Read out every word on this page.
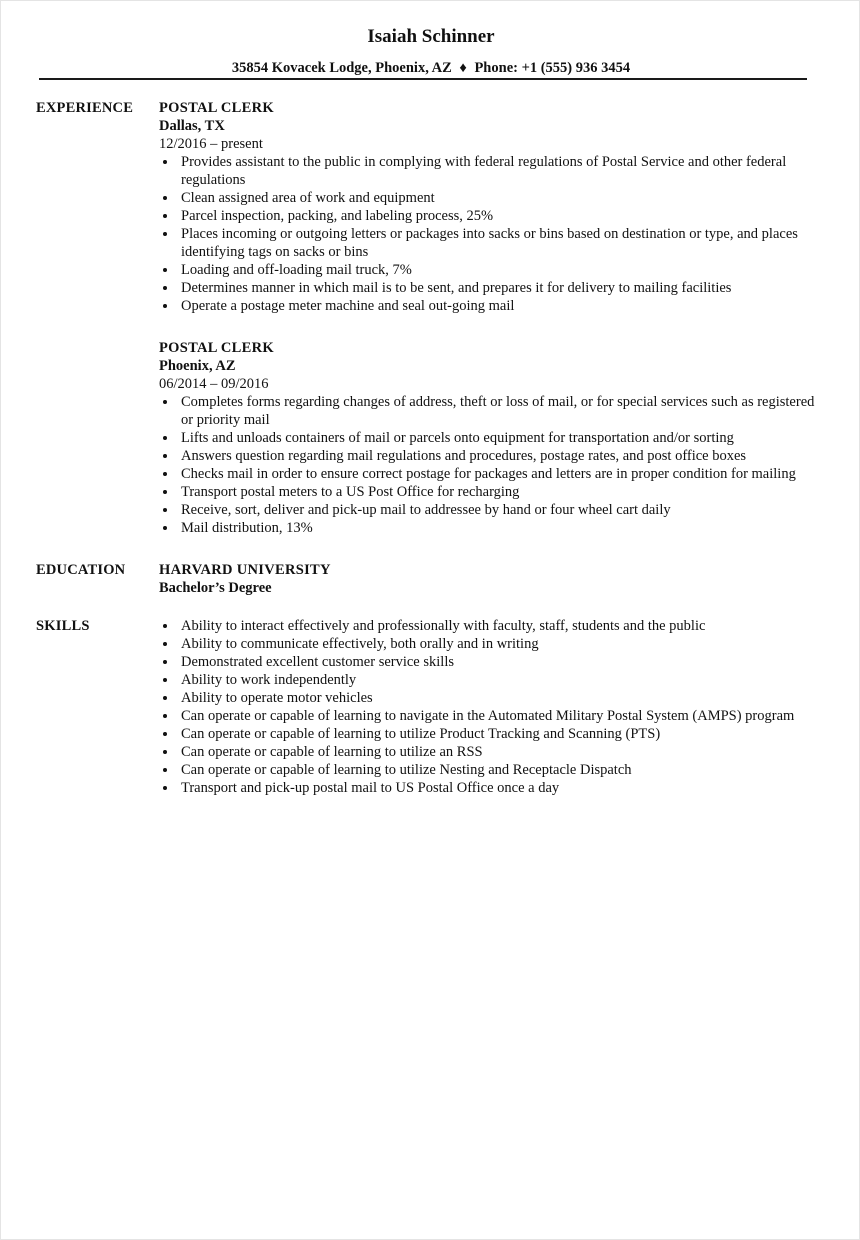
Isaiah Schinner
35854 Kovacek Lodge, Phoenix, AZ ♦ Phone: +1 (555) 936 3454
EXPERIENCE POSTAL CLERK
Dallas, TX
12/2016 – present
Provides assistant to the public in complying with federal regulations of Postal Service and other federal regulations
Clean assigned area of work and equipment
Parcel inspection, packing, and labeling process, 25%
Places incoming or outgoing letters or packages into sacks or bins based on destination or type, and places identifying tags on sacks or bins
Loading and off-loading mail truck, 7%
Determines manner in which mail is to be sent, and prepares it for delivery to mailing facilities
Operate a postage meter machine and seal out-going mail
POSTAL CLERK
Phoenix, AZ
06/2014 – 09/2016
Completes forms regarding changes of address, theft or loss of mail, or for special services such as registered or priority mail
Lifts and unloads containers of mail or parcels onto equipment for transportation and/or sorting
Answers question regarding mail regulations and procedures, postage rates, and post office boxes
Checks mail in order to ensure correct postage for packages and letters are in proper condition for mailing
Transport postal meters to a US Post Office for recharging
Receive, sort, deliver and pick-up mail to addressee by hand or four wheel cart daily
Mail distribution, 13%
EDUCATION HARVARD UNIVERSITY
Bachelor’s Degree
SKILLS	Ability to interact effectively and professionally with faculty, staff, students and the public
Ability to communicate effectively, both orally and in writing
Demonstrated excellent customer service skills
Ability to work independently
Ability to operate motor vehicles
Can operate or capable of learning to navigate in the Automated Military Postal System (AMPS) program
Can operate or capable of learning to utilize Product Tracking and Scanning (PTS)
Can operate or capable of learning to utilize an RSS
Can operate or capable of learning to utilize Nesting and Receptacle Dispatch
Transport and pick-up postal mail to US Postal Office once a day
